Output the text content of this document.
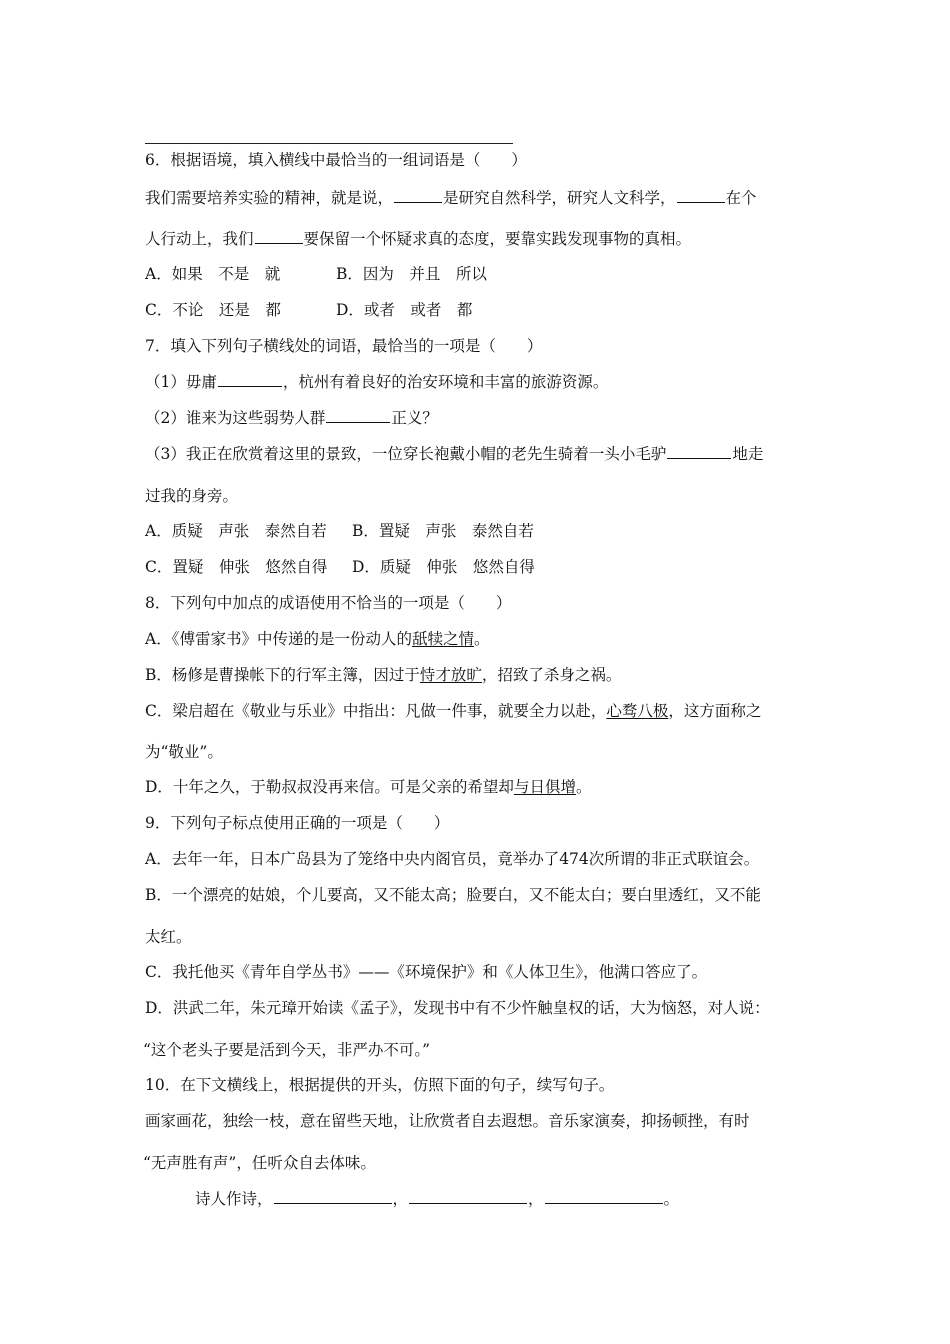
6．根据语境，填入横线中最恰当的一组词语是（　　）
我们需要培养实验的精神，就是说，	是研究自然科学，研究人文科学，	在个
人行动上，我们	要保留一个怀疑求真的态度，要靠实践发现事物的真相。
A．如果　不是　就	B．因为　并且　所以
C．不论　还是　都	D．或者　或者　都
7．填入下列句子横线处的词语，最恰当的一项是（　　）
（1）毋庸	，杭州有着良好的治安环境和丰富的旅游资源。
（2）谁来为这些弱势人群	正义？
（3）我正在欣赏着这里的景致，一位穿长袍戴小帽的老先生骑着一头小毛驴	地走
过我的身旁。
A．质疑　声张　泰然自若 B．置疑　声张　泰然自若
C．置疑　伸张　悠然自得 D．质疑　伸张　悠然自得
8．下列句中加点的成语使用不恰当的一项是（　　）
A．《傅雷家书》中传递的是一份动人的舐犊之情。
B．杨修是曹操帐下的行军主簿，因过于恃才放旷，招致了杀身之祸。
C．梁启超在《敬业与乐业》中指出：凡做一件事，就要全力以赴，心骛八极，这方面称之
为“敬业”。
D．十年之久，于勒叔叔没再来信。可是父亲的希望却与日俱增。
9．下列句子标点使用正确的一项是（　　）
A．去年一年，日本广岛县为了笼络中央内阁官员，竟举办了474次所谓的非正式联谊会。
B．一个漂亮的姑娘，个儿要高，又不能太高；脸要白，又不能太白；要白里透红，又不能
太红。
C．我托他买《青年自学丛书》——《环境保护》和《人体卫生》，他满口答应了。
D．洪武二年，朱元璋开始读《孟子》，发现书中有不少忤触皇权的话，大为恼怒，对人说：
“这个老头子要是活到今天，非严办不可。”
10．在下文横线上，根据提供的开头，仿照下面的句子，续写句子。
画家画花，独绘一枝，意在留些天地，让欣赏者自去遐想。音乐家演奏，抑扬顿挫，有时
“无声胜有声”，任听众自去体味。
诗人作诗，	，	，	。
